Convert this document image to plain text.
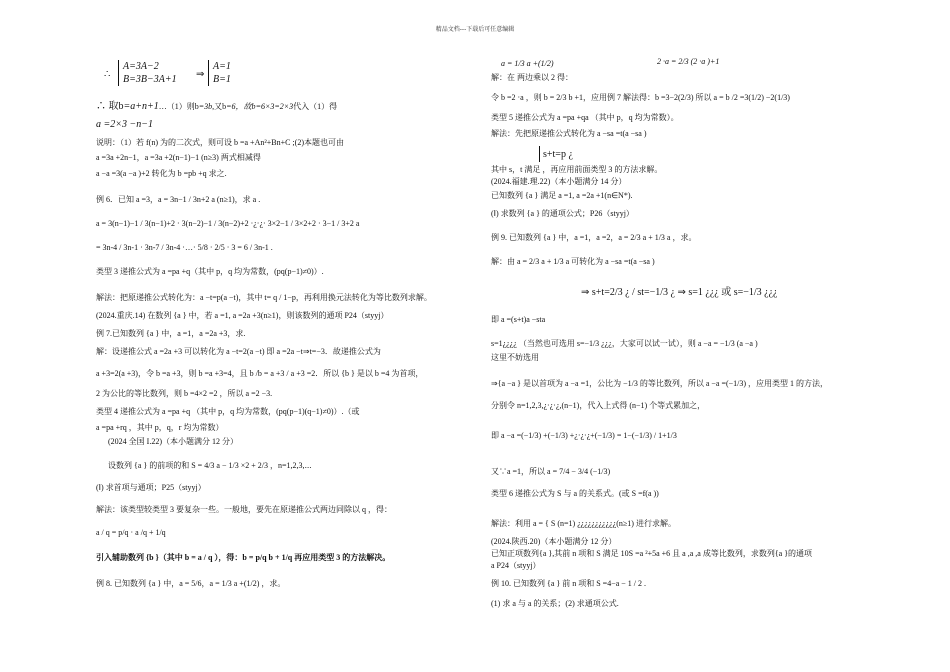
精品文档---下载后可任意编辑
∴
A=3A−2
B=3B−3A+1 ⇒
A=1
B=1
∴ 取b=a+n+1…（1）则b=3b,又b=6，故b=6×3=2×3代入（1）得
a =2×3 −n−1
说明：（1）若 f(n) 为的二次式，则可设 b =a +An²+Bn+C ;(2)本题也可由
a =3a +2n−1，a =3a +2(n−1)−1 (n≥3) 两式相减得
a −a =3(a −a )+2 转化为 b =pb +q 求之.
例 6．已知 a =3，a = 3n−1 / 3n+2 a (n≥1)，求 a .
a = 3(n−1)−1 / 3(n−1)+2 · 3(n−2)−1 / 3(n−2)+2 ·¿·¿· 3×2−1 / 3×2+2 · 3−1 / 3+2 a
= 3n-4 / 3n-1 · 3n-7 / 3n-4 ·…· 5/8 · 2/5 · 3 = 6 / 3n-1 .
类型 3 递推公式为 a =pa +q（其中 p，q 均为常数，(pq(p−1)≠0)）.
解法：把原递推公式转化为：a −t=p(a −t)，其中 t= q / 1−p，再利用换元法转化为等比数列求解。
(2024.重庆.14) 在数列 {a } 中，若 a =1, a =2a +3(n≥1)，则该数列的通项 P24（styyj）
例 7.已知数列 {a } 中，a =1，a =2a +3，求.
解：设递推公式 a =2a +3 可以转化为 a −t=2(a −t) 即 a =2a −t⇒t=−3．故递推公式为
a +3=2(a +3)，令 b =a +3，则 b =a +3=4，且 b /b = a +3 / a +3 =2．所以 {b } 是以 b =4 为首项，
2 为公比的等比数列，则 b =4×2 =2 ，所以 a =2 −3.
类型 4 递推公式为 a =pa +q （其中 p，q 均为常数，(pq(p−1)(q−1)≠0)）.（或
a =pa +rq ，其中 p，q，r 均为常数）
(2024 全国 I.22)（本小题满分 12 分）
设数列 {a } 的前项的和 S = 4/3 a − 1/3 ×2 + 2/3 ，n=1,2,3,⋯
(Ⅰ) 求首项与通项；P25（styyj）
解法：该类型较类型 3 要复杂一些。一般地，要先在原递推公式两边同除以 q ，得：
a / q = p/q · a /q + 1/q
引入辅助数列 {b }（其中 b = a / q ），得：b = p/q b + 1/q 再应用类型 3 的方法解决。
例 8. 已知数列 {a } 中，a = 5/6，a = 1/3 a +(1/2) ，求。
a = 1/3 a +(1/2)	2 ·a = 2/3 (2 ·a )+1
解：在 两边乘以 2 得：
令 b =2 ·a ，则 b = 2/3 b +1，应用例 7 解法得：b =3−2(2/3) 所以 a = b /2 =3(1/2) −2(1/3)
类型 5 递推公式为 a =pa +qa （其中 p，q 均为常数）。
解法：先把原递推公式转化为 a −sa =t(a −sa )
s+t=p ¿
其中 s，t 满足 ，再应用前面类型 3 的方法求解。
(2024.福建.理.22)（本小题满分 14 分）
已知数列 {a } 满足 a =1, a =2a +1(n∈N*).
(Ⅰ) 求数列 {a } 的通项公式；P26（styyj）
例 9. 已知数列 {a } 中，a =1，a =2，a = 2/3 a + 1/3 a ，求。
解：由 a = 2/3 a + 1/3 a 可转化为 a −sa =t(a −sa )
⇒ s+t=2/3 ¿ / st=−1/3 ¿ ⇒ s=1 ¿¿¿ 或 s=−1/3 ¿¿¿
即 a =(s+t)a −sta
s=1¿¿¿¿ （当然也可选用 s=−1/3 ¿¿¿，大家可以试一试），则 a −a = −1/3 (a −a )
这里不妨选用
⇒{a −a } 是以首项为 a −a =1，公比为 −1/3 的等比数列，所以 a −a =(−1/3) ，应用类型 1 的方法，
分别令 n=1,2,3,¿·¿·¿,(n−1)，代入上式得 (n−1) 个等式累加之，
即 a −a =(−1/3) +(−1/3) +¿·¿·¿+(−1/3) = 1−(−1/3) / 1+1/3
又∵a =1，所以 a = 7/4 − 3/4 (−1/3)
类型 6 递推公式为 S 与 a 的关系式。(或 S =f(a ))
解法：利用 a = { S (n=1) ¿¿¿¿¿¿¿¿¿¿¿(n≥1) 进行求解。
(2024.陕西.20)（本小题满分 12 分）
已知正项数列{a },其前 n 项和 S 满足 10S =a ²+5a +6 且 a ,a ,a 成等比数列，求数列{a }的通项
a P24（styyj）
例 10. 已知数列 {a } 前 n 项和 S =4−a − 1 / 2 .
(1) 求 a 与 a 的关系；(2) 求通项公式.
